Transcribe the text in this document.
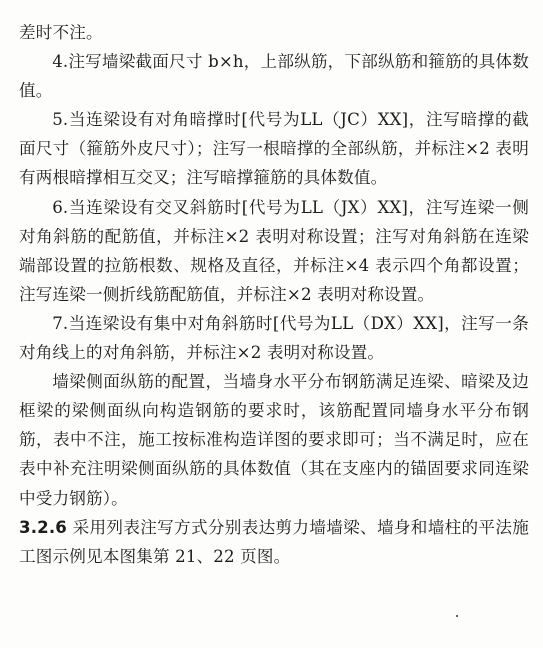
差时不注。

4.注写墙梁截面尺寸 b×h，上部纵筋，下部纵筋和箍筋的具体数值。

5.当连梁设有对角暗撑时[代号为LL（JC）XX]，注写暗撑的截面尺寸（箍筋外皮尺寸）；注写一根暗撑的全部纵筋，并标注×2 表明有两根暗撑相互交叉；注写暗撑箍筋的具体数值。

6.当连梁设有交叉斜筋时[代号为LL（JX）XX]，注写连梁一侧对角斜筋的配筋值，并标注×2 表明对称设置；注写对角斜筋在连梁端部设置的拉筋根数、规格及直径，并标注×4 表示四个角都设置；注写连梁一侧折线筋配筋值，并标注×2 表明对称设置。

7.当连梁设有集中对角斜筋时[代号为LL（DX）XX]，注写一条对角线上的对角斜筋，并标注×2 表明对称设置。

墙梁侧面纵筋的配置，当墙身水平分布钢筋满足连梁、暗梁及边框梁的梁侧面纵向构造钢筋的要求时，该筋配置同墙身水平分布钢筋，表中不注，施工按标准构造详图的要求即可；当不满足时，应在表中补充注明梁侧面纵筋的具体数值（其在支座内的锚固要求同连梁中受力钢筋）。

3.2.6 采用列表注写方式分别表达剪力墙墙梁、墙身和墙柱的平法施工图示例见本图集第 21、22 页图。
